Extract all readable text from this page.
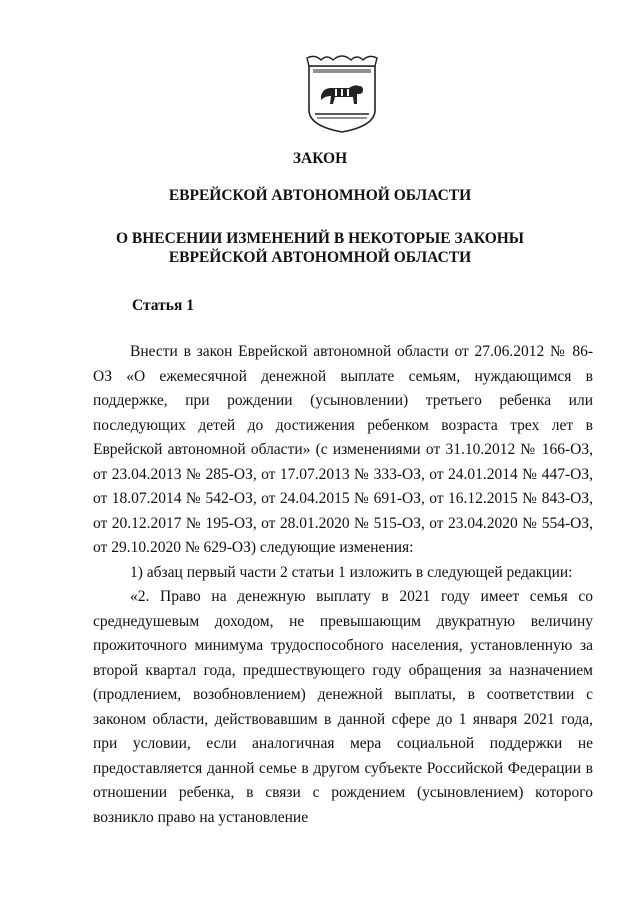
ЗАКОН
ЕВРЕЙСКОЙ АВТОНОМНОЙ ОБЛАСТИ
О ВНЕСЕНИИ ИЗМЕНЕНИЙ В НЕКОТОРЫЕ ЗАКОНЫ
ЕВРЕЙСКОЙ АВТОНОМНОЙ ОБЛАСТИ
Статья 1

Внести в закон Еврейской автономной области от 27.06.2012 № 86-ОЗ «О ежемесячной денежной выплате семьям, нуждающимся в поддержке, при рождении (усыновлении) третьего ребенка или последующих детей до достижения ребенком возраста трех лет в Еврейской автономной области» (с изменениями от 31.10.2012 № 166-ОЗ, от 23.04.2013 № 285-ОЗ, от 17.07.2013 № 333-ОЗ, от 24.01.2014 № 447-ОЗ, от 18.07.2014 № 542-ОЗ, от 24.04.2015 № 691-ОЗ, от 16.12.2015 № 843-ОЗ, от 20.12.2017 № 195-ОЗ, от 28.01.2020 № 515-ОЗ, от 23.04.2020 № 554-ОЗ, от 29.10.2020 № 629-ОЗ) следующие изменения:

1) абзац первый части 2 статьи 1 изложить в следующей редакции:

«2. Право на денежную выплату в 2021 году имеет семья со среднедушевым доходом, не превышающим двукратную величину прожиточного минимума трудоспособного населения, установленную за второй квартал года, предшествующего году обращения за назначением (продлением, возобновлением) денежной выплаты, в соответствии с законом области, действовавшим в данной сфере до 1 января 2021 года, при условии, если аналогичная мера социальной поддержки не предоставляется данной семье в другом субъекте Российской Федерации в отношении ребенка, в связи с рождением (усыновлением) которого возникло право на установление
